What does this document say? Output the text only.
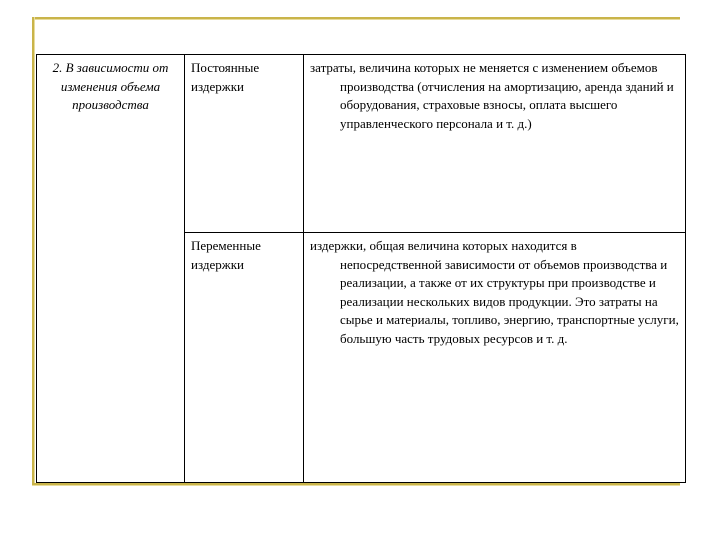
2. В зависимости от изменения объема производства	Постоянные издержки	затраты, величина которых не меняется с изменением объемов производства (отчисления на амортизацию, аренда зданий и оборудования, страховые взносы, оплата высшего управленческого персонала и т. д.)

	Переменные издержки	издержки, общая величина которых находится в непосредственной зависимости от объемов производства и реализации, а также от их структуры при производстве и реализации нескольких видов продукции. Это затраты на сырье и материалы, топливо, энергию, транспортные услуги, большую часть трудовых ресурсов и т. д.
